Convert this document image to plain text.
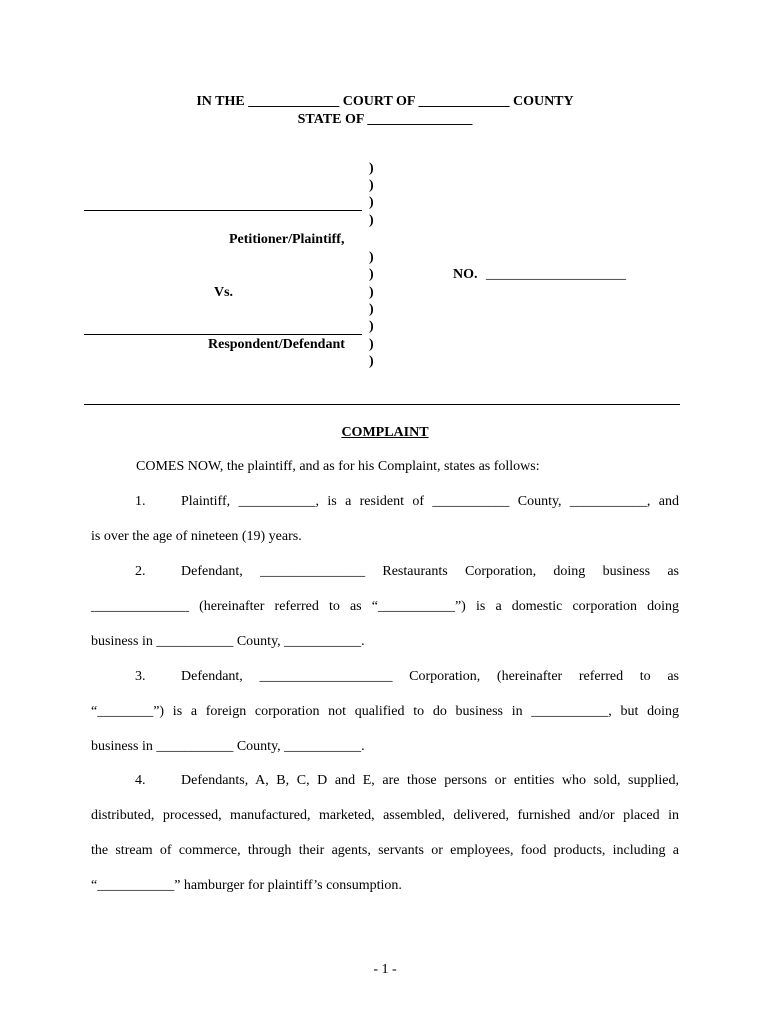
IN THE _____________ COURT OF _____________ COUNTY
STATE OF _______________
)
)
)
)
)
)
)
)
)
)
)
Petitioner/Plaintiff,
Vs.
Respondent/Defendant
NO. ____________________
COMPLAINT
COMES NOW, the plaintiff, and as for his Complaint, states as follows:
1.	Plaintiff, ___________, is a resident of ___________ County, ___________, and
is over the age of nineteen (19) years.
2.	Defendant, _______________ Restaurants Corporation, doing business as
______________ (hereinafter referred to as “___________”) is a domestic corporation doing
business in ___________ County, ___________.
3.	Defendant, ___________________ Corporation, (hereinafter referred to as
“________”) is a foreign corporation not qualified to do business in ___________, but doing
business in ___________ County, ___________.
4.	Defendants, A, B, C, D and E, are those persons or entities who sold, supplied,
distributed, processed, manufactured, marketed, assembled, delivered, furnished and/or placed in
the stream of commerce, through their agents, servants or employees, food products, including a
“___________” hamburger for plaintiff’s consumption.
- 1 -
